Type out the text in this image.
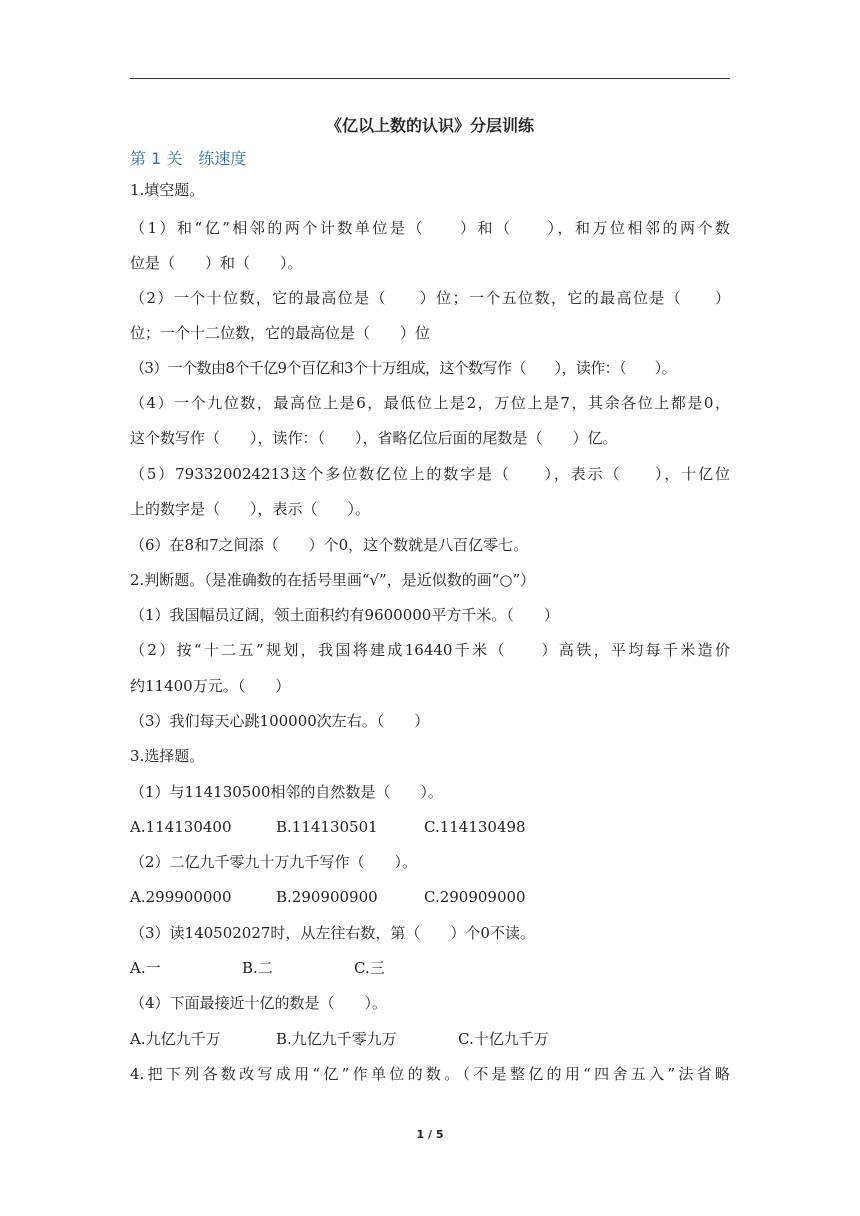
《亿以上数的认识》分层训练
第 1 关　练速度
1.填空题。
（1）和“亿”相邻的两个计数单位是（　　）和（　　），和万位相邻的两个数
位是（　　）和（　　）。
（2）一个十位数，它的最高位是（　　）位；一个五位数，它的最高位是（　　）
位；一个十二位数，它的最高位是（　　）位
（3）一个数由8个千亿9个百亿和3个十万组成，这个数写作（　　），读作：（　　）。
（4）一个九位数，最高位上是6，最低位上是2，万位上是7，其余各位上都是0，
这个数写作（　　），读作：（　　），省略亿位后面的尾数是（　　）亿。
（5）793320024213这个多位数亿位上的数字是（　　），表示（　　），十亿位
上的数字是（　　），表示（　　）。
（6）在8和7之间添（　　）个0，这个数就是八百亿零七。
2.判断题。（是准确数的在括号里画“√”，是近似数的画“○”）
（1）我国幅员辽阔，领土面积约有9600000平方千米。（　　）
（2）按“十二五”规划，我国将建成16440千米（　　）高铁，平均每千米造价
约11400万元。（　　）
（3）我们每天心跳100000次左右。（　　）
3.选择题。
（1）与114130500相邻的自然数是（　　）。
A.114130400	B.114130501	C.114130498
（2）二亿九千零九十万九千写作（　　）。
A.299900000	B.290900900	C.290909000
（3）读140502027时，从左往右数，第（　　）个0不读。
A.一	B.二	C.三
（4）下面最接近十亿的数是（　　）。
A.九亿九千万	B.九亿九千零九万	C.十亿九千万
4.把下列各数改写成用“亿”作单位的数。（不是整亿的用“四舍五入”法省略
1 / 5
